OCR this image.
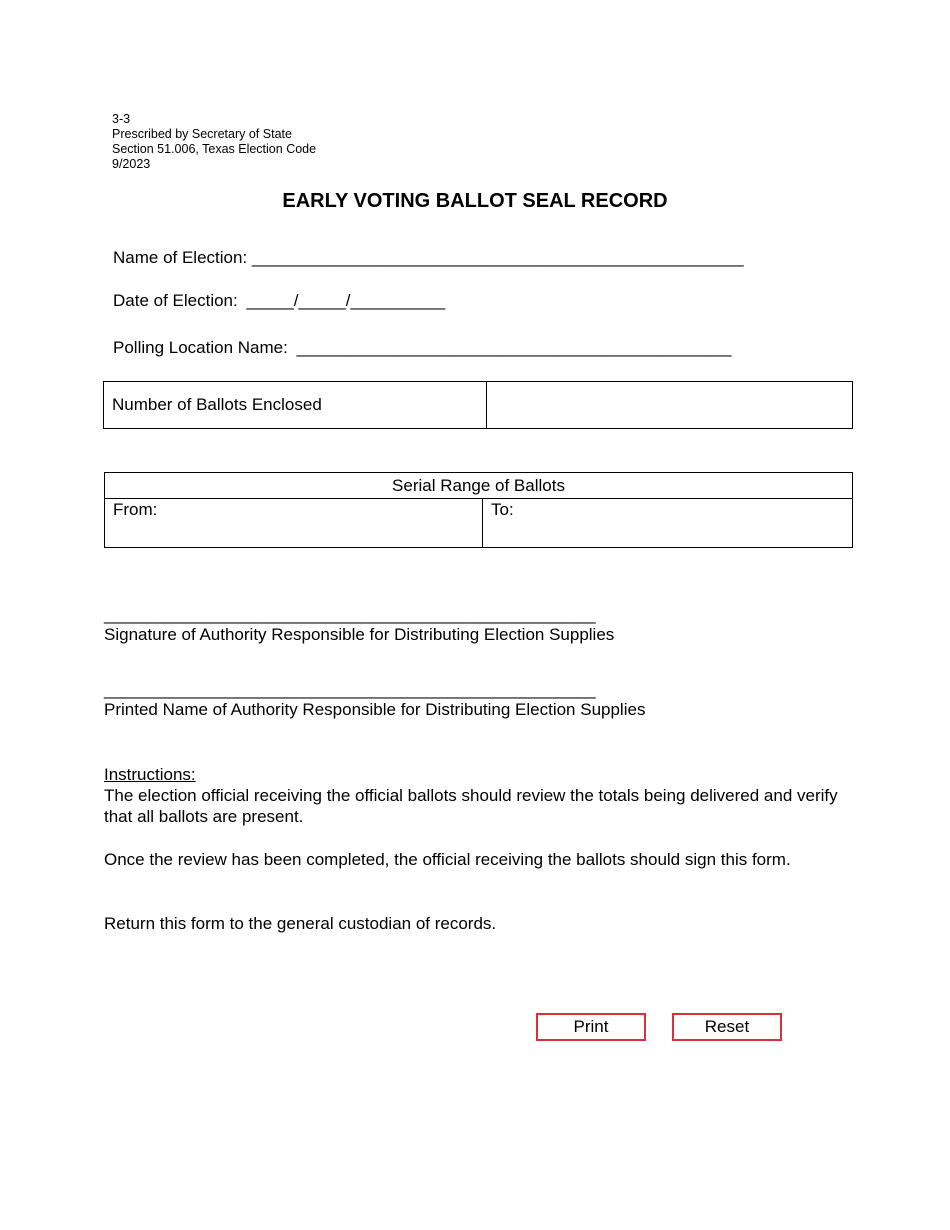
3-3
Prescribed by Secretary of State
Section 51.006, Texas Election Code
9/2023
EARLY VOTING BALLOT SEAL RECORD
Name of Election: ____________________________________________________
Date of Election: _____/_____/__________
Polling Location Name: ______________________________________________
Number of Ballots Enclosed	
Serial Range of Ballots
From:	To:
____________________________________________________
Signature of Authority Responsible for Distributing Election Supplies
____________________________________________________
Printed Name of Authority Responsible for Distributing Election Supplies
Instructions:
The election official receiving the official ballots should review the totals being delivered and verify that all ballots are present.
Once the review has been completed, the official receiving the ballots should sign this form.
Return this form to the general custodian of records.
Print	Reset
